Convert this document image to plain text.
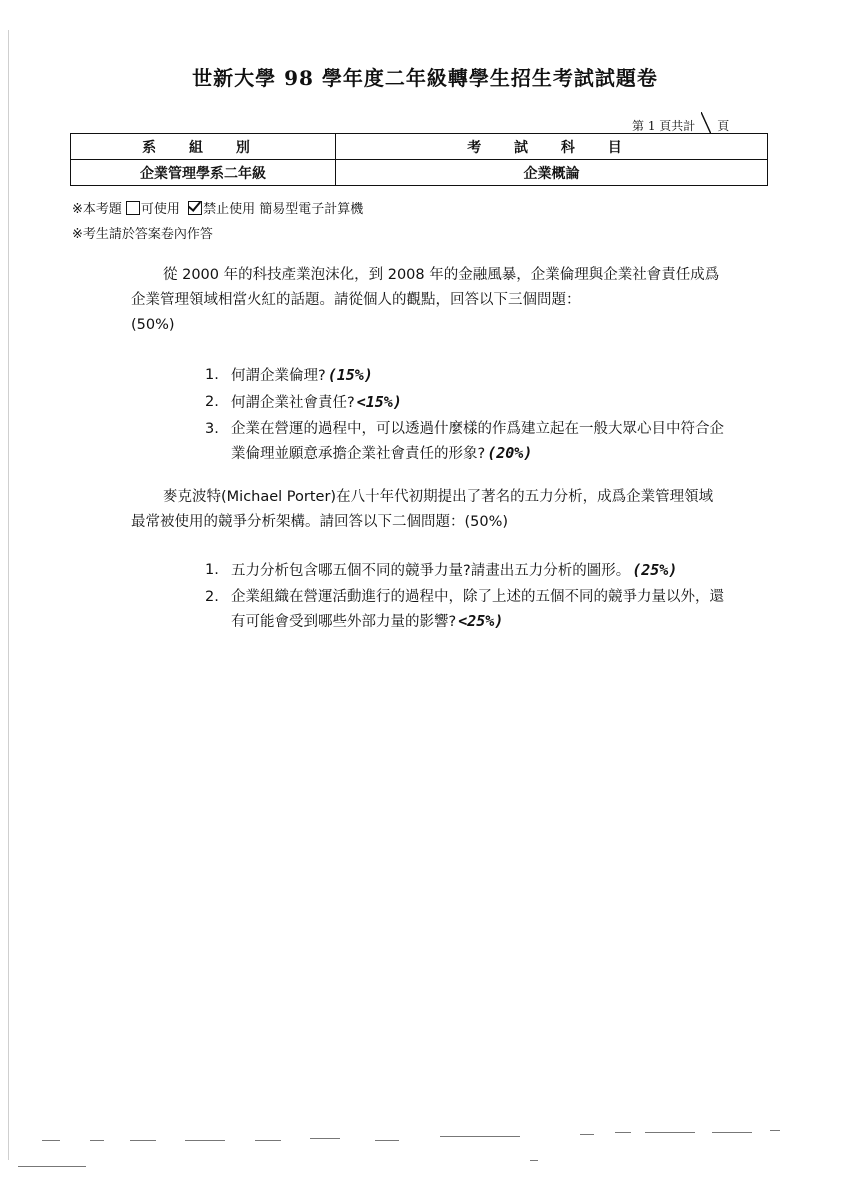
世新大學 98 學年度二年級轉學生招生考試試題卷
第 1 頁共計 頁
系 組 別	考 試 科 目
企業管理學系二年級	企業概論
※本考題 可使用 禁止使用 簡易型電子計算機
※考生請於答案卷內作答
從 2000 年的科技產業泡沫化，到 2008 年的金融風暴，企業倫理與企業社會責任成爲企業管理領域相當火紅的話題。請從個人的觀點，回答以下三個問題：
(50%)
1. 何謂企業倫理? (15%)
2. 何謂企業社會責任? <15%)
3. 企業在營運的過程中，可以透過什麼樣的作爲建立起在一般大眾心目中符合企業倫理並願意承擔企業社會責任的形象? (20%)
麥克波特(Michael Porter)在八十年代初期提出了著名的五力分析，成爲企業管理領域最常被使用的競爭分析架構。請回答以下二個問題：(50%)
1. 五力分析包含哪五個不同的競爭力量?請畫出五力分析的圖形。 (25%)
2. 企業組織在營運活動進行的過程中，除了上述的五個不同的競爭力量以外，還有可能會受到哪些外部力量的影響? <25%)
